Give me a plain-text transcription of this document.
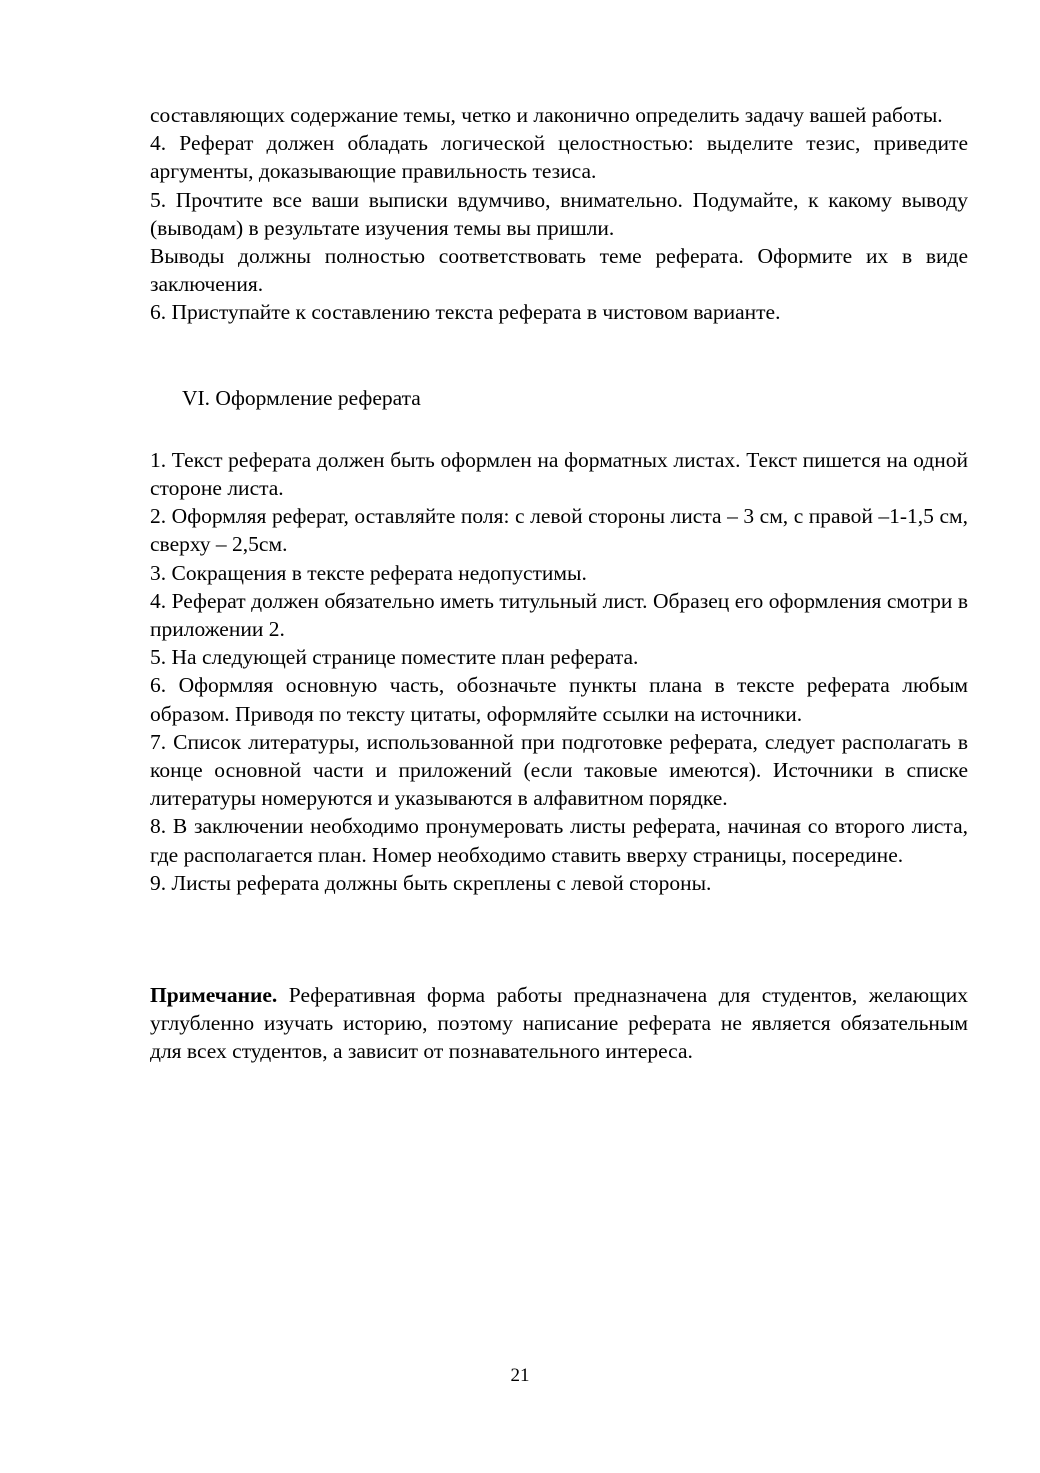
составляющих содержание темы, четко и лаконично определить задачу вашей работы.

4. Реферат должен обладать логической целостностью: выделите тезис, приведите аргументы, доказывающие правильность тезиса.

5. Прочтите все ваши выписки вдумчиво, внимательно. Подумайте, к какому выводу (выводам) в результате изучения темы вы пришли.

Выводы должны полностью соответствовать теме реферата. Оформите их в виде заключения.

6. Приступайте к составлению текста реферата в чистовом варианте.

VI. Оформление реферата

1. Текст реферата должен быть оформлен на форматных листах. Текст пишется на одной стороне листа.

2. Оформляя реферат, оставляйте поля: с левой стороны листа – 3 см, с правой –1-1,5 см, сверху – 2,5см.

3. Сокращения в тексте реферата недопустимы.

4. Реферат должен обязательно иметь титульный лист. Образец его оформления смотри в приложении 2.

5. На следующей странице поместите план реферата.

6. Оформляя основную часть, обозначьте пункты плана в тексте реферата любым образом. Приводя по тексту цитаты, оформляйте ссылки на источники.

7. Список литературы, использованной при подготовке реферата, следует располагать в конце основной части и приложений (если таковые имеются). Источники в списке литературы номеруются и указываются в алфавитном порядке.

8. В заключении необходимо пронумеровать листы реферата, начиная со второго листа, где располагается план. Номер необходимо ставить вверху страницы, посередине.

9. Листы реферата должны быть скреплены с левой стороны.

Примечание. Реферативная форма работы предназначена для студентов, желающих углубленно изучать историю, поэтому написание реферата не является обязательным для всех студентов, а зависит от познавательного интереса.

21
